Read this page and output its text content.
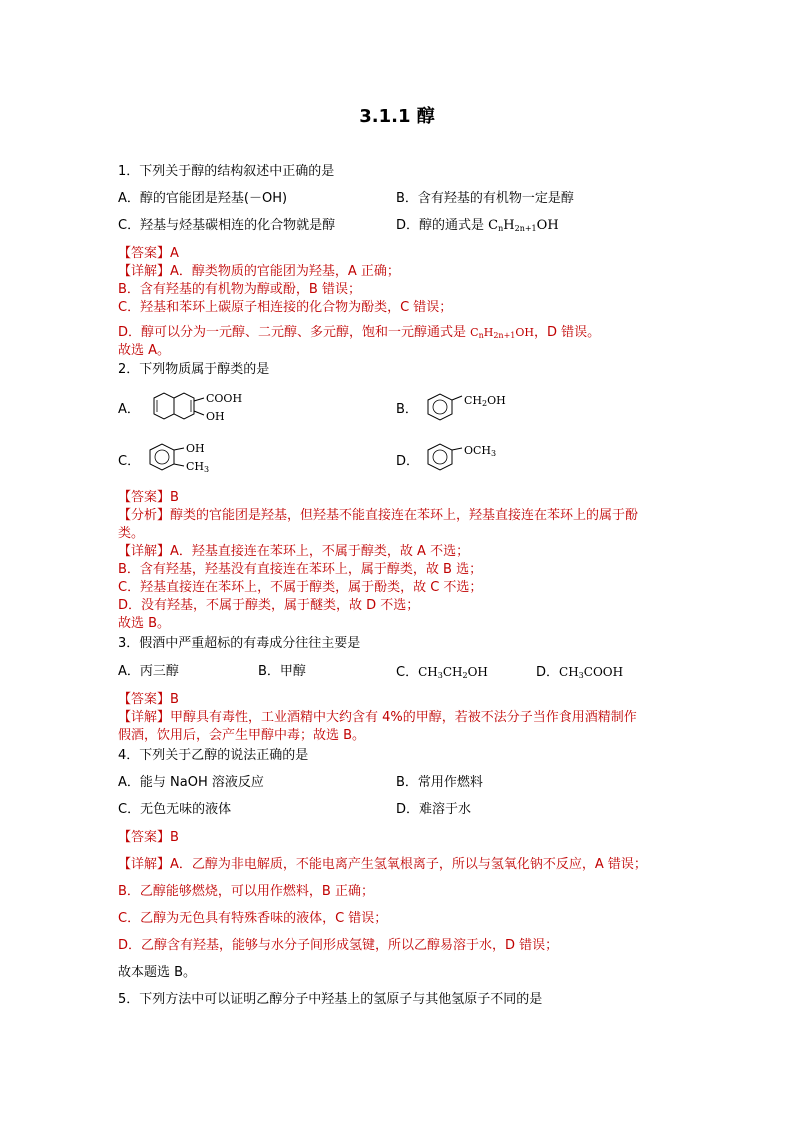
3.1.1 醇
1．下列关于醇的结构叙述中正确的是
A．醇的官能团是羟基(－OH)	B．含有羟基的有机物一定是醇
C．羟基与烃基碳相连的化合物就是醇	D．醇的通式是 $C_nH_{2n+1}OH$
【答案】A
【详解】A．醇类物质的官能团为羟基，A 正确；
B．含有羟基的有机物为醇或酚，B 错误；
C．羟基和苯环上碳原子相连接的化合物为酚类，C 错误；
D．醇可以分为一元醇、二元醇、多元醇，饱和一元醇通式是 $C_nH_{2n+1}OH$，D 错误。
故选 A。
2．下列物质属于醇类的是
A．
COOH
OH	B．
CH2OH
C．
OH
CH3
D．
OCH3
【答案】B
【分析】醇类的官能团是羟基，但羟基不能直接连在苯环上，羟基直接连在苯环上的属于酚
类。
【详解】A．羟基直接连在苯环上，不属于醇类，故 A 不选；
B．含有羟基，羟基没有直接连在苯环上，属于醇类，故 B 选；
C．羟基直接连在苯环上，不属于醇类，属于酚类，故 C 不选；
D．没有羟基，不属于醇类，属于醚类，故 D 不选；
故选 B。
3．假酒中严重超标的有毒成分往往主要是
A．丙三醇	B．甲醇	C．$CH_3CH_2OH$	D．$CH_3COOH$
【答案】B
【详解】甲醇具有毒性，工业酒精中大约含有 4%的甲醇，若被不法分子当作食用酒精制作
假酒，饮用后，会产生甲醇中毒；故选 B。
4．下列关于乙醇的说法正确的是
A．能与 NaOH 溶液反应	B．常用作燃料
C．无色无味的液体	D．难溶于水
【答案】B
【详解】A．乙醇为非电解质，不能电离产生氢氧根离子，所以与氢氧化钠不反应，A 错误；
B．乙醇能够燃烧，可以用作燃料，B 正确；
C．乙醇为无色具有特殊香味的液体，C 错误；
D．乙醇含有羟基，能够与水分子间形成氢键，所以乙醇易溶于水，D 错误；
故本题选 B。
5．下列方法中可以证明乙醇分子中羟基上的氢原子与其他氢原子不同的是
